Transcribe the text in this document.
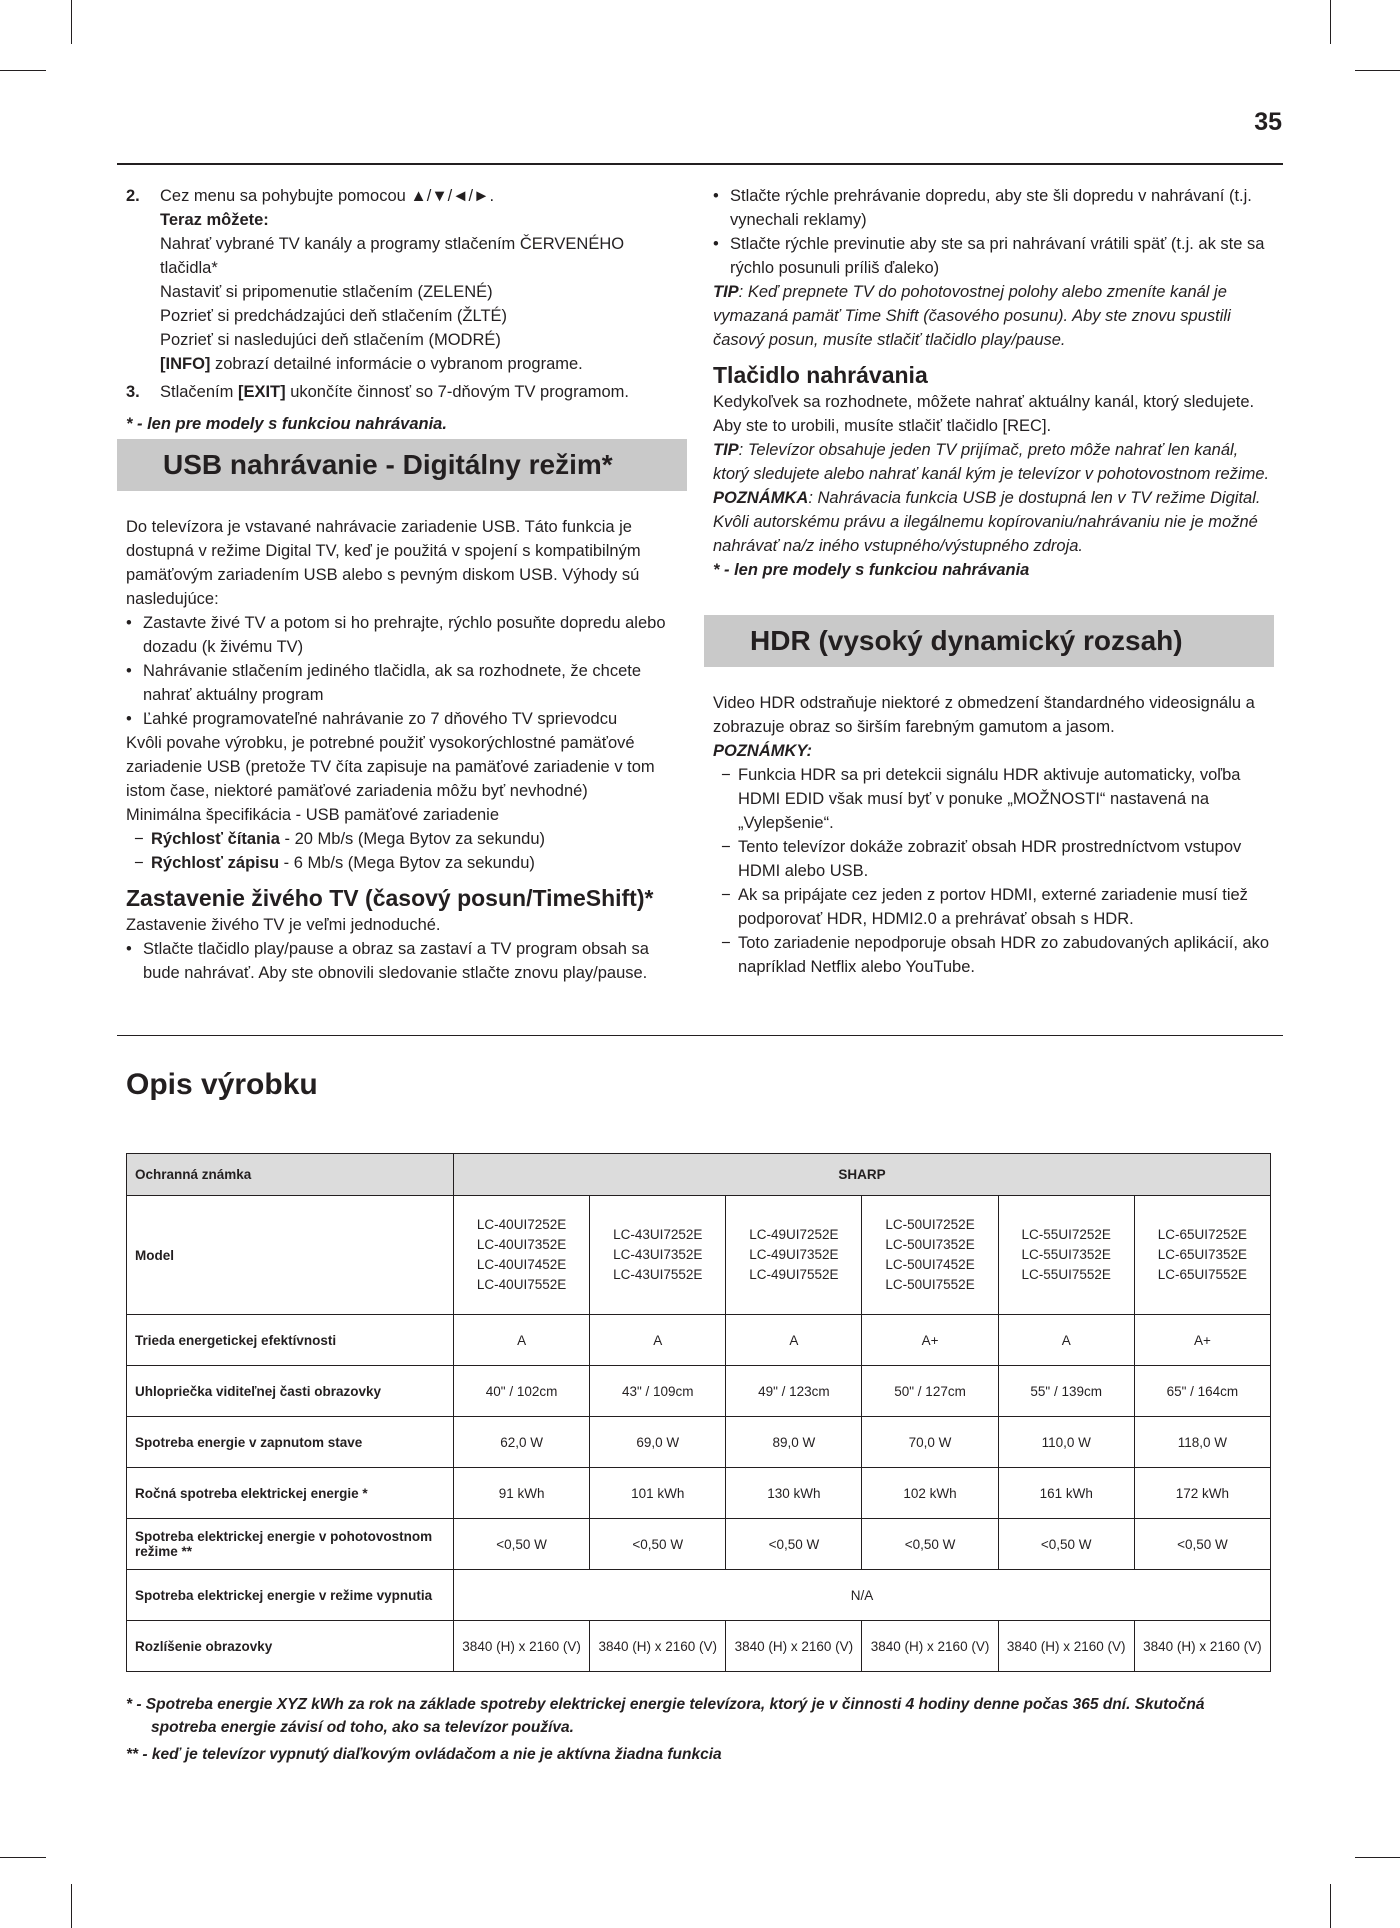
35
2.	Cez menu sa pohybujte pomocou ▲/▼/◄/►.

Teraz môžete:

Nahrať vybrané TV kanály a programy stlačením ČERVENÉHO tlačidla*

Nastaviť si pripomenutie stlačením (ZELENÉ)

Pozrieť si predchádzajúci deň stlačením (ŽLTÉ)

Pozrieť si nasledujúci deň stlačením (MODRÉ)

[INFO] zobrazí detailné informácie o vybranom programe.

3.	Stlačením [EXIT] ukončíte činnosť so 7-dňovým TV programom.

* - len pre modely s funkciou nahrávania.

USB nahrávanie - Digitálny režim*

Do televízora je vstavané nahrávacie zariadenie USB. Táto funkcia je dostupná v režime Digital TV, keď je použitá v spojení s kompatibilným pamäťovým zariadením USB alebo s pevným diskom USB. Výhody sú nasledujúce:

•

Zastavte živé TV a potom si ho prehrajte, rýchlo posuňte dopredu alebo dozadu (k živému TV)

•

Nahrávanie stlačením jediného tlačidla, ak sa rozhodnete, že chcete nahrať aktuálny program

•

Ľahké programovateľné nahrávanie zo 7 dňového TV sprievodcu

Kvôli povahe výrobku, je potrebné použiť vysokorýchlostné pamäťové zariadenie USB (pretože TV číta zapisuje na pamäťové zariadenie v tom istom čase, niektoré pamäťové zariadenia môžu byť nevhodné)

Minimálna špecifikácia - USB pamäťové zariadenie

−

Rýchlosť čítania - 20 Mb/s (Mega Bytov za sekundu)

−

Rýchlosť zápisu - 6 Mb/s (Mega Bytov za sekundu)

Zastavenie živého TV (časový posun/TimeShift)*

Zastavenie živého TV je veľmi jednoduché.

•

Stlačte tlačidlo play/pause a obraz sa zastaví a TV program obsah sa bude nahrávať. Aby ste obnovili sledovanie stlačte znovu play/pause.

•

Stlačte rýchle prehrávanie dopredu, aby ste šli dopredu v nahrávaní (t.j. vynechali reklamy)

•

Stlačte rýchle previnutie aby ste sa pri nahrávaní vrátili späť (t.j. ak ste sa rýchlo posunuli príliš ďaleko)

TIP: Keď prepnete TV do pohotovostnej polohy alebo zmeníte kanál je vymazaná pamäť Time Shift (časového posunu). Aby ste znovu spustili časový posun, musíte stlačiť tlačidlo play/pause.

Tlačidlo nahrávania

Kedykoľvek sa rozhodnete, môžete nahrať aktuálny kanál, ktorý sledujete. Aby ste to urobili, musíte stlačiť tlačidlo [REC].

TIP: Televízor obsahuje jeden TV prijímač, preto môže nahrať len kanál, ktorý sledujete alebo nahrať kanál kým je televízor v pohotovostnom režime.

POZNÁMKA: Nahrávacia funkcia USB je dostupná len v TV režime Digital. Kvôli autorskému právu a ilegálnemu kopírovaniu/nahrávaniu nie je možné nahrávať na/z iného vstupného/výstupného zdroja.

* - len pre modely s funkciou nahrávania

HDR (vysoký dynamický rozsah)

Video HDR odstraňuje niektoré z obmedzení štandardného videosignálu a zobrazuje obraz so širším farebným gamutom a jasom.

POZNÁMKY:

−

Funkcia HDR sa pri detekcii signálu HDR aktivuje automaticky, voľba HDMI EDID však musí byť v ponuke „MOŽNOSTI“ nastavená na „Vylepšenie“.

−

Tento televízor dokáže zobraziť obsah HDR prostredníctvom vstupov HDMI alebo USB.

−

Ak sa pripájate cez jeden z portov HDMI, externé zariadenie musí tiež podporovať HDR, HDMI2.0 a prehrávať obsah s HDR.

−

Toto zariadenie nepodporuje obsah HDR zo zabudovaných aplikácií, ako napríklad Netflix alebo YouTube.

Opis výrobku
Ochranná známka	SHARP					
Model	LC-40UI7252E
LC-40UI7352E
LC-40UI7452E
LC-40UI7552E	LC-43UI7252E
LC-43UI7352E
LC-43UI7552E	LC-49UI7252E
LC-49UI7352E
LC-49UI7552E	LC-50UI7252E
LC-50UI7352E
LC-50UI7452E
LC-50UI7552E	LC-55UI7252E
LC-55UI7352E
LC-55UI7552E	LC-65UI7252E
LC-65UI7352E
LC-65UI7552E

Trieda energetickej efektívnosti	A	A	A	A+	A	A+
Uhlopriečka viditeľnej časti obrazovky	40" / 102cm	43" / 109cm	49" / 123cm	50" / 127cm	55" / 139cm	65" / 164cm
Spotreba energie v zapnutom stave	62,0 W	69,0 W	89,0 W	70,0 W	110,0 W	118,0 W
Ročná spotreba elektrickej energie *	91 kWh	101 kWh	130 kWh	102 kWh	161 kWh	172 kWh
Spotreba elektrickej energie v pohotovostnom režime **	<0,50 W	<0,50 W	<0,50 W	<0,50 W	<0,50 W	<0,50 W
Spotreba elektrickej energie v režime vypnutia	N/A					
Rozlíšenie obrazovky	3840 (H) x 2160 (V)	3840 (H) x 2160 (V)	3840 (H) x 2160 (V)	3840 (H) x 2160 (V)	3840 (H) x 2160 (V)	3840 (H) x 2160 (V)
* - Spotreba energie XYZ kWh za rok na základe spotreby elektrickej energie televízora, ktorý je v činnosti 4 hodiny denne počas 365 dní. Skutočná spotreba energie závisí od toho, ako sa televízor používa.
** - keď je televízor vypnutý diaľkovým ovládačom a nie je aktívna žiadna funkcia
